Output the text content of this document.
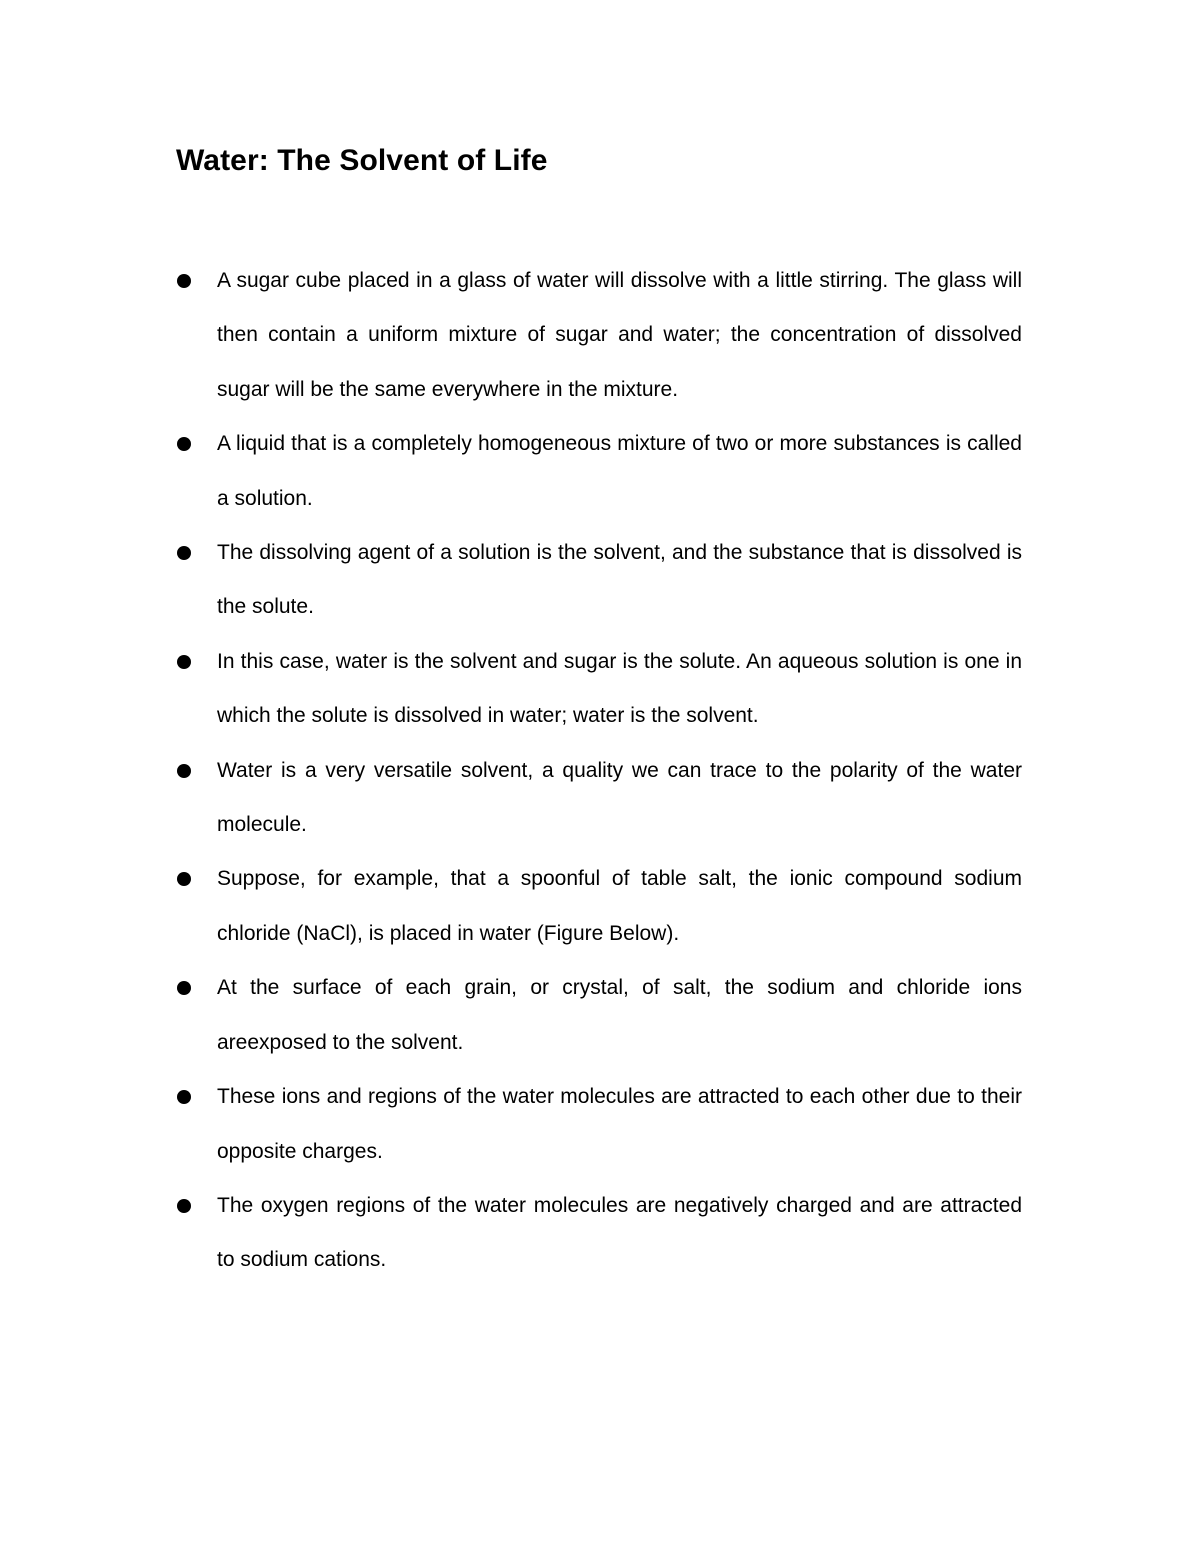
Water: The Solvent of Life
A sugar cube placed in a glass of water will dissolve with a little stirring. The glass will then contain a uniform mixture of sugar and water; the concentration of dissolved sugar will be the same everywhere in the mixture.
A liquid that is a completely homogeneous mixture of two or more substances is called a solution.
The dissolving agent of a solution is the solvent, and the substance that is dissolved is the solute.
In this case, water is the solvent and sugar is the solute. An aqueous solution is one in which the solute is dissolved in water; water is the solvent.
Water is a very versatile solvent, a quality we can trace to the polarity of the water molecule.
Suppose, for example, that a spoonful of table salt, the ionic compound sodium chloride (NaCl), is placed in water (Figure Below).
At the surface of each grain, or crystal, of salt, the sodium and chloride ions areexposed to the solvent.
These ions and regions of the water molecules are attracted to each other due to their opposite charges.
The oxygen regions of the water molecules are negatively charged and are attracted to sodium cations.
